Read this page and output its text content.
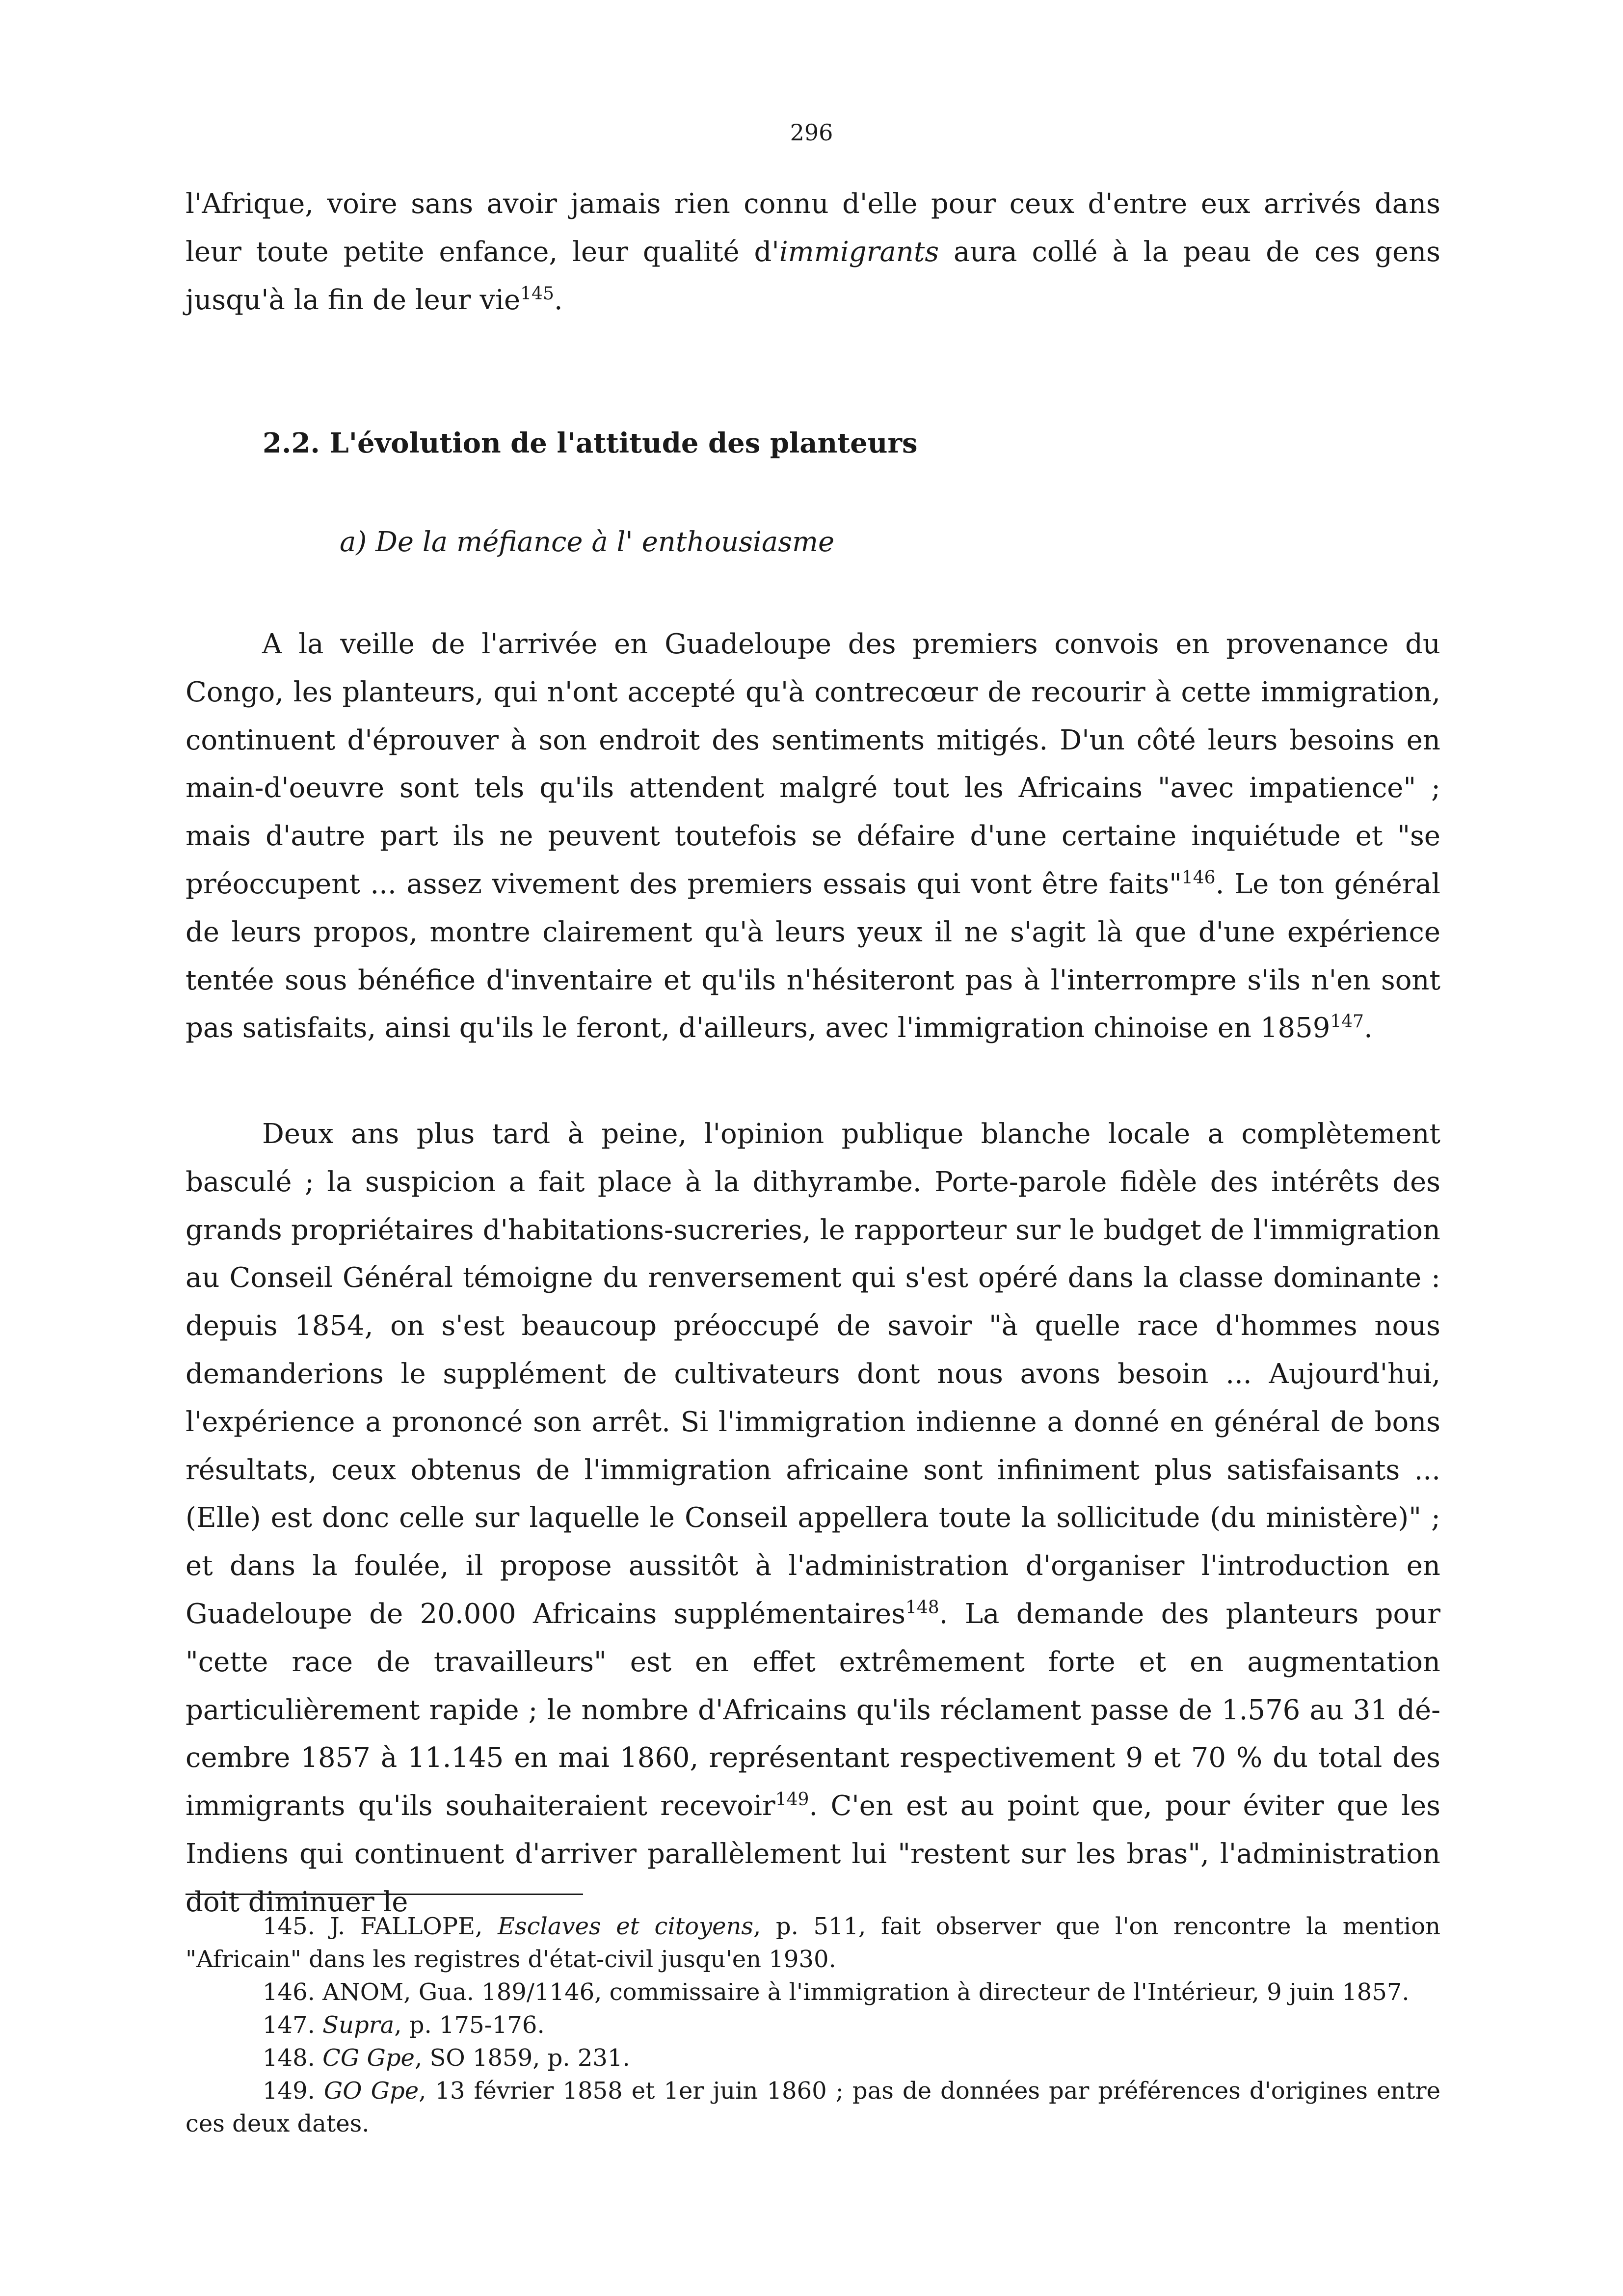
296

l'Afrique, voire sans avoir jamais rien connu d'elle pour ceux d'entre eux arrivés dans leur toute petite enfance, leur qualité d'immigrants aura collé à la peau de ces gens jusqu'à la fin de leur vie$^{145}$.

2.2. L'évolution de l'attitude des planteurs

a) De la méfiance à l' enthousiasme

A la veille de l'arrivée en Guadeloupe des premiers convois en provenance du Congo, les planteurs, qui n'ont accepté qu'à contrecœur de recourir à cette immigration, continuent d'éprouver à son endroit des sentiments mitigés. D'un côté leurs besoins en main-d'oeuvre sont tels qu'ils attendent malgré tout les Africains "avec impatience" ; mais d'autre part ils ne peuvent toutefois se défaire d'une certaine inquiétude et "se préoccupent ... assez vivement des premiers essais qui vont être faits"$^{146}$. Le ton général de leurs propos, montre clairement qu'à leurs yeux il ne s'agit là que d'une expérience tentée sous bénéfice d'inventaire et qu'ils n'hésiteront pas à l'interrompre s'ils n'en sont pas satisfaits, ainsi qu'ils le feront, d'ailleurs, avec l'immigration chinoise en 1859$^{147}$.

Deux ans plus tard à peine, l'opinion publique blanche locale a complètement basculé ; la suspicion a fait place à la dithyrambe. Porte-parole fidèle des intérêts des grands propriétaires d'habitations-sucreries, le rapporteur sur le budget de l'immigration au Conseil Général témoigne du renversement qui s'est opéré dans la classe dominante : depuis 1854, on s'est beaucoup préoccupé de savoir "à quelle race d'hommes nous demanderions le supplément de cultivateurs dont nous avons besoin ... Aujourd'hui, l'expérience a prononcé son arrêt. Si l'immigration indienne a donné en général de bons résultats, ceux obtenus de l'immigration africaine sont infiniment plus satisfaisants ... (Elle) est donc celle sur laquelle le Conseil appellera toute la sollicitude (du ministère)" ; et dans la foulée, il propose aussitôt à l'administration d'organiser l'introduction en Guadeloupe de 20.000 Africains supplémentaires$^{148}$. La demande des planteurs pour "cette race de travailleurs" est en effet extrêmement forte et en augmentation particulièrement rapide ; le nombre d'Africains qu'ils réclament passe de 1.576 au 31 décembre 1857 à 11.145 en mai 1860, représentant respectivement 9 et 70 % du total des immigrants qu'ils souhaiteraient recevoir$^{149}$. C'en est au point que, pour éviter que les Indiens qui continuent d'arriver parallèlement lui "restent sur les bras", l'administration doit diminuer le

145. J. FALLOPE, Esclaves et citoyens, p. 511, fait observer que l'on rencontre la mention "Africain" dans les registres d'état-civil jusqu'en 1930.

146. ANOM, Gua. 189/1146, commissaire à l'immigration à directeur de l'Intérieur, 9 juin 1857.

147. Supra, p. 175-176.

148. CG Gpe, SO 1859, p. 231.

149. GO Gpe, 13 février 1858 et 1er juin 1860 ; pas de données par préférences d'origines entre ces deux dates.
